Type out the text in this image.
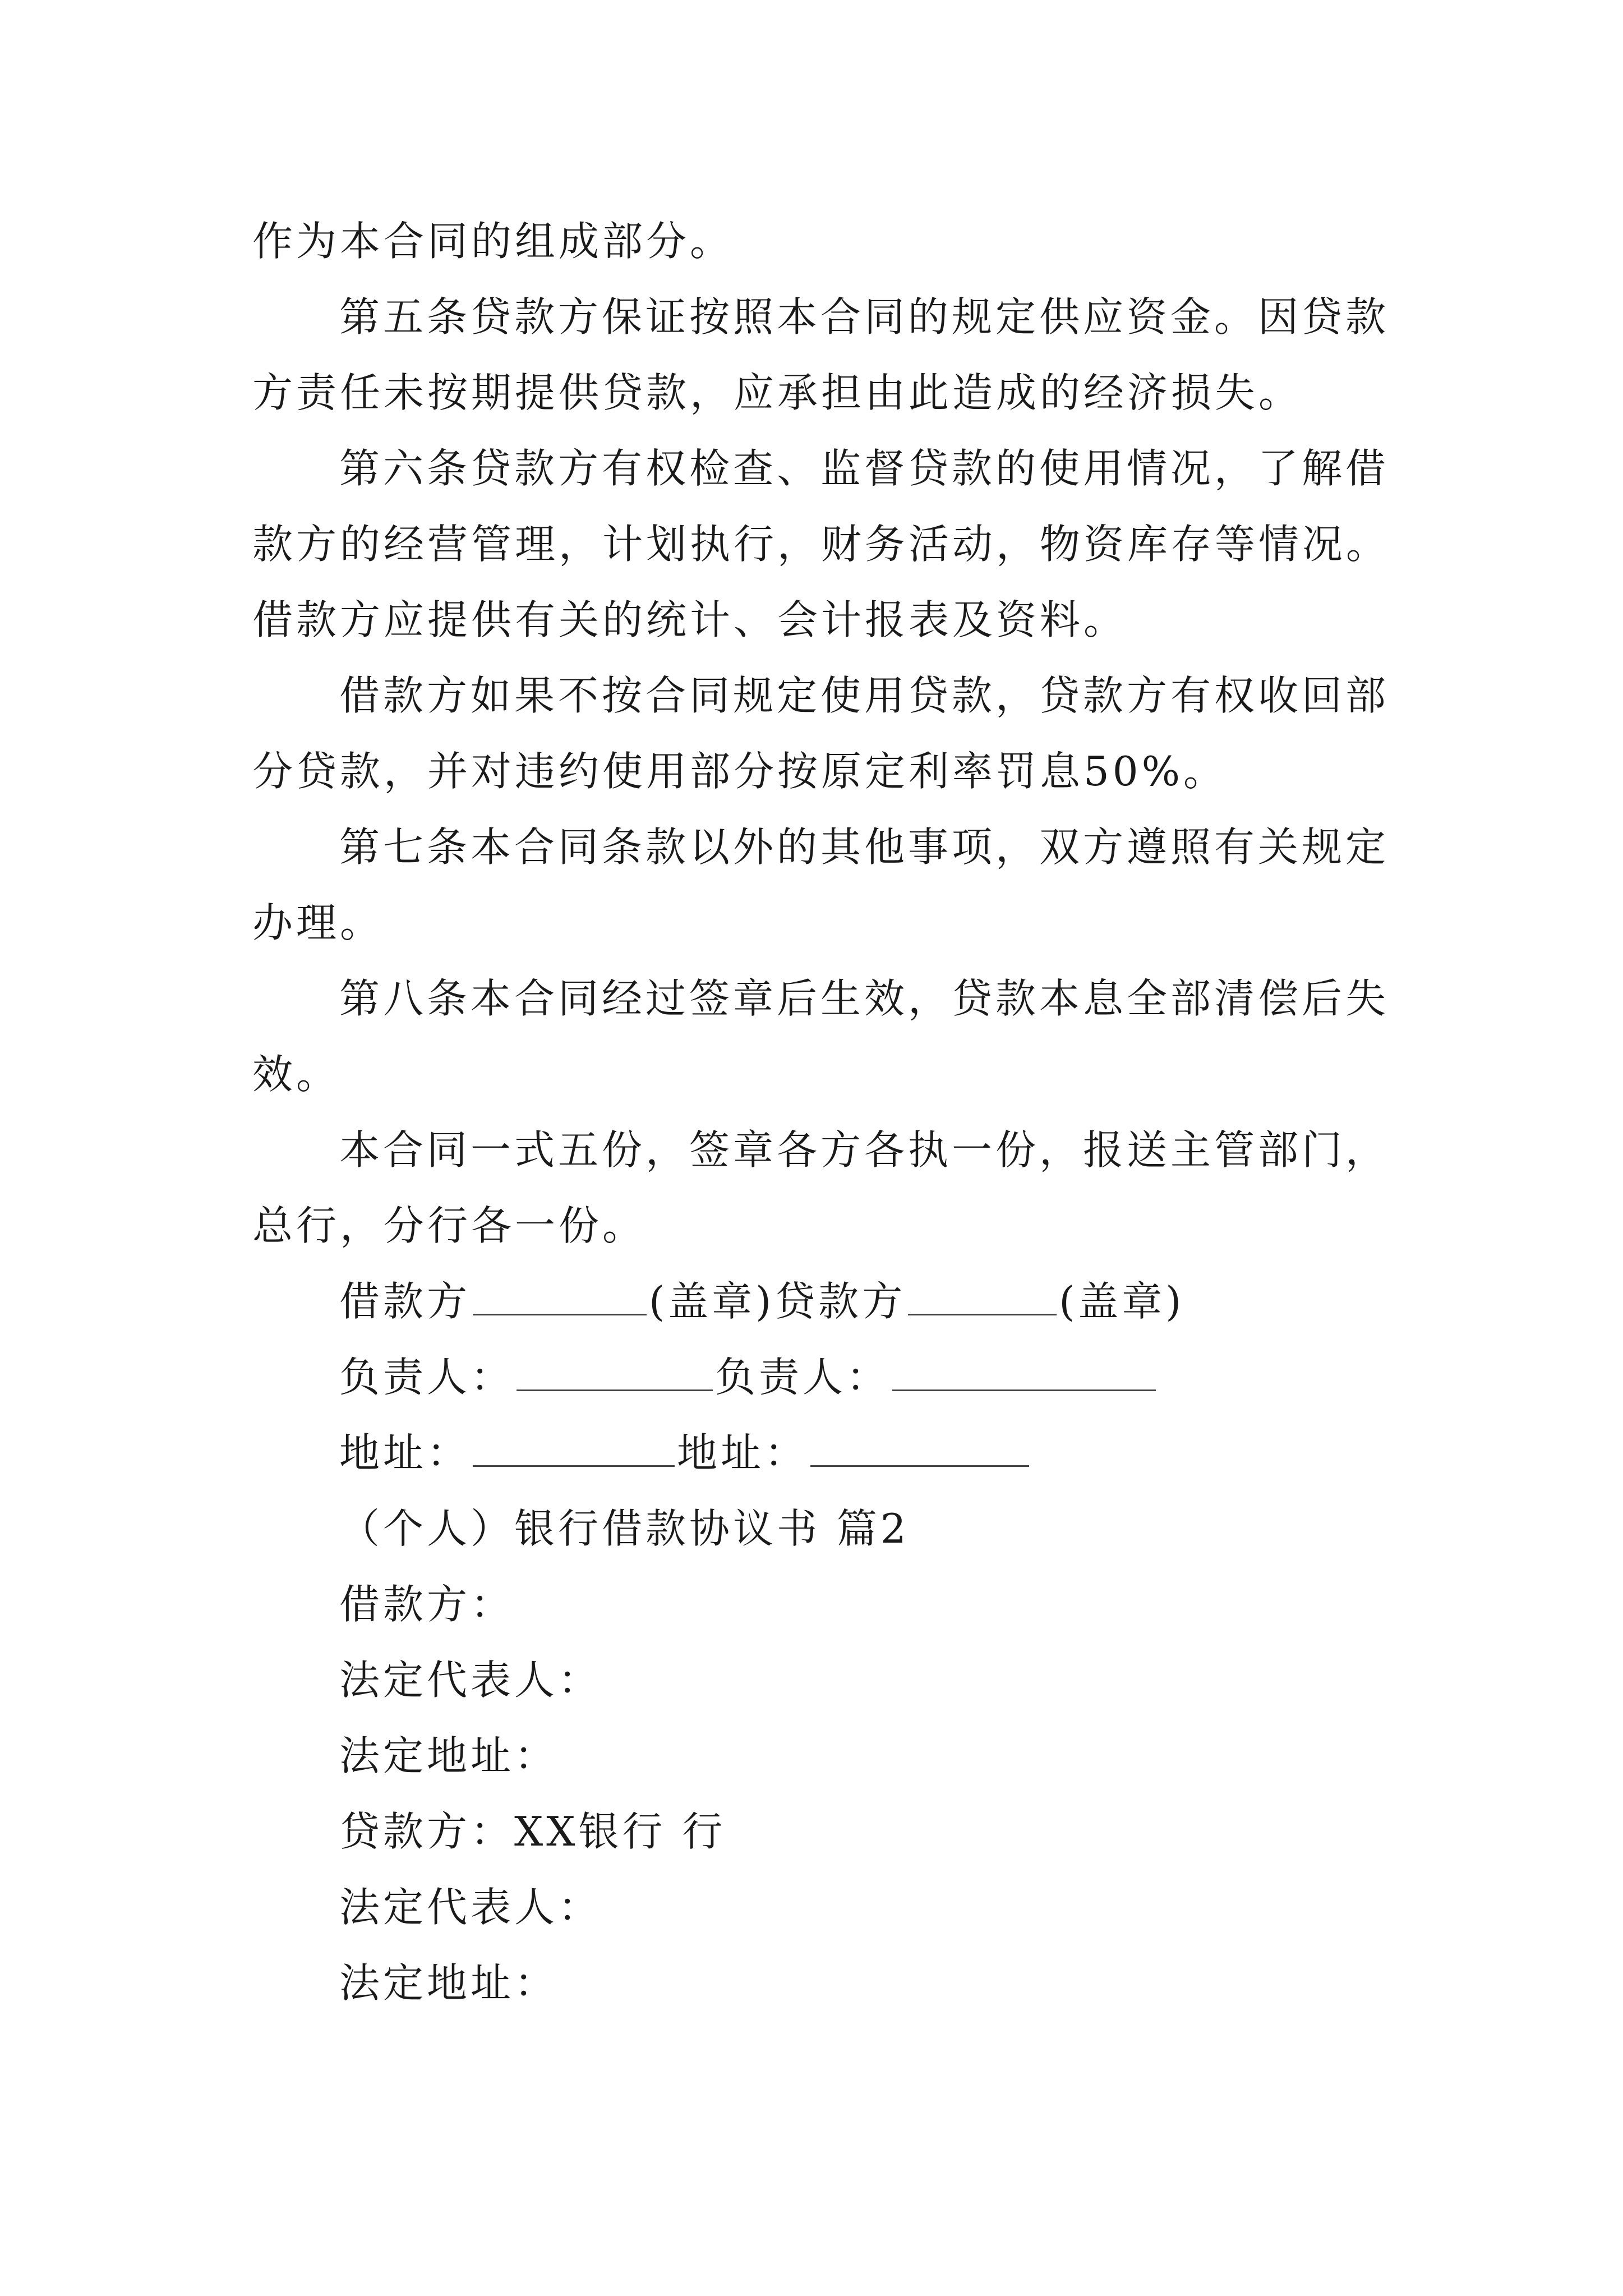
作为本合同的组成部分。
第五条贷款方保证按照本合同的规定供应资金。因贷款
方责任未按期提供贷款，应承担由此造成的经济损失。
第六条贷款方有权检查、监督贷款的使用情况，了解借
款方的经营管理，计划执行，财务活动，物资库存等情况。
借款方应提供有关的统计、会计报表及资料。
借款方如果不按合同规定使用贷款，贷款方有权收回部
分贷款，并对违约使用部分按原定利率罚息50%。
第七条本合同条款以外的其他事项，双方遵照有关规定
办理。
第八条本合同经过签章后生效，贷款本息全部清偿后失
效。
本合同一式五份，签章各方各执一份，报送主管部门，
总行，分行各一份。
借款方	(盖章)贷款方	(盖章)
负责人：	负责人：
地址：	地址：
（个人）银行借款协议书 篇2
借款方：
法定代表人：
法定地址：
贷款方：XX银行 行
法定代表人：
法定地址：
